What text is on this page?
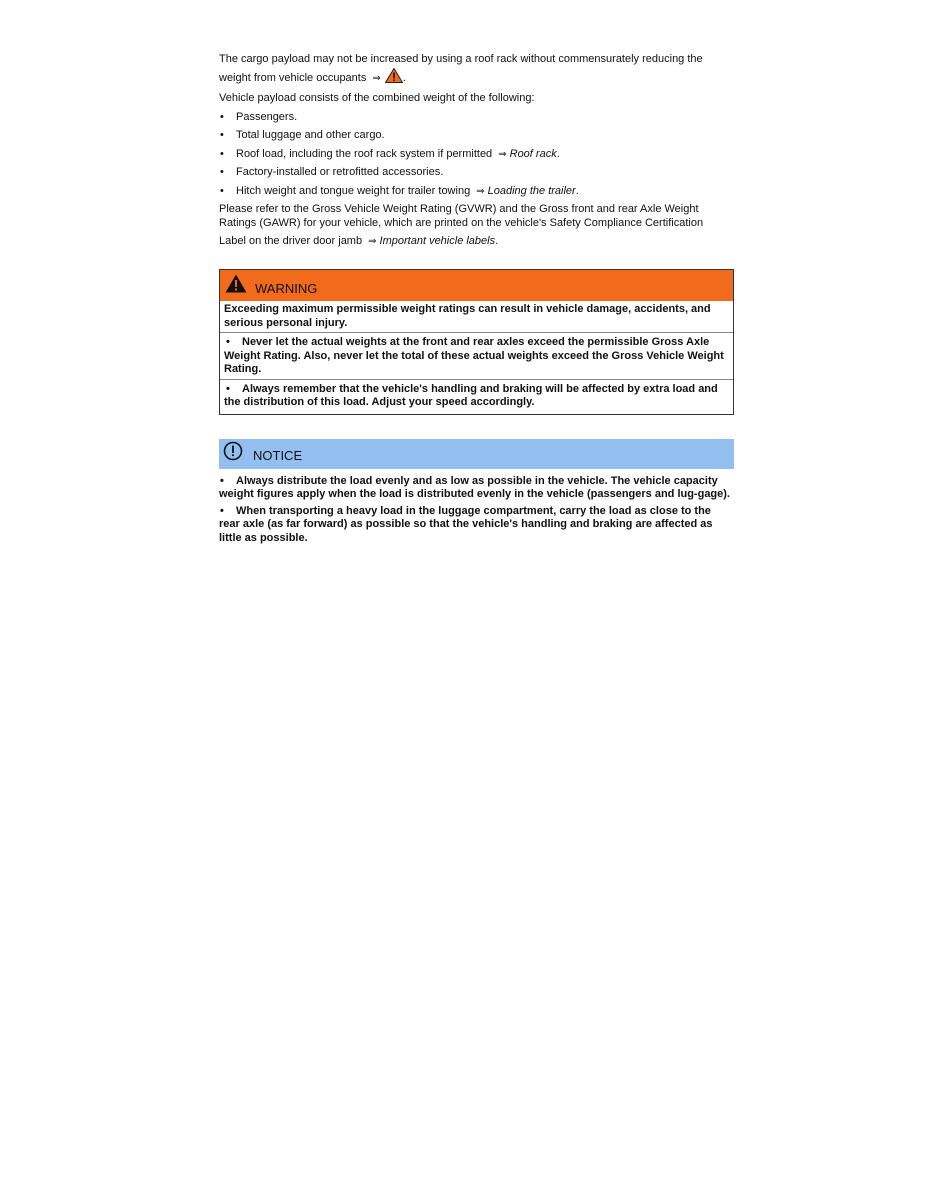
The cargo payload may not be increased by using a roof rack without commensurately reducing the
weight from vehicle occupants ⇒ .

Vehicle payload consists of the combined weight of the following:

• Passengers.
• Total luggage and other cargo.
• Roof load, including the roof rack system if permitted ⇒ Roof rack.
• Factory-installed or retrofitted accessories.
• Hitch weight and tongue weight for trailer towing ⇒ Loading the trailer.

Please refer to the Gross Vehicle Weight Rating (GVWR) and the Gross front and rear Axle Weight
Ratings (GAWR) for your vehicle, which are printed on the vehicle's Safety Compliance Certification
Label on the driver door jamb ⇒ Important vehicle labels.

WARNING

Exceeding maximum permissible weight ratings can result in vehicle damage, accidents, and serious personal injury.

• Never let the actual weights at the front and rear axles exceed the permissible Gross Axle Weight Rating. Also, never let the total of these actual weights exceed the Gross Vehicle Weight Rating.

• Always remember that the vehicle's handling and braking will be affected by extra load and the distribution of this load. Adjust your speed accordingly.

NOTICE

• Always distribute the load evenly and as low as possible in the vehicle. The vehicle capacity weight figures apply when the load is distributed evenly in the vehicle (passengers and lug-gage).

• When transporting a heavy load in the luggage compartment, carry the load as close to the rear axle (as far forward) as possible so that the vehicle's handling and braking are affected as little as possible.
